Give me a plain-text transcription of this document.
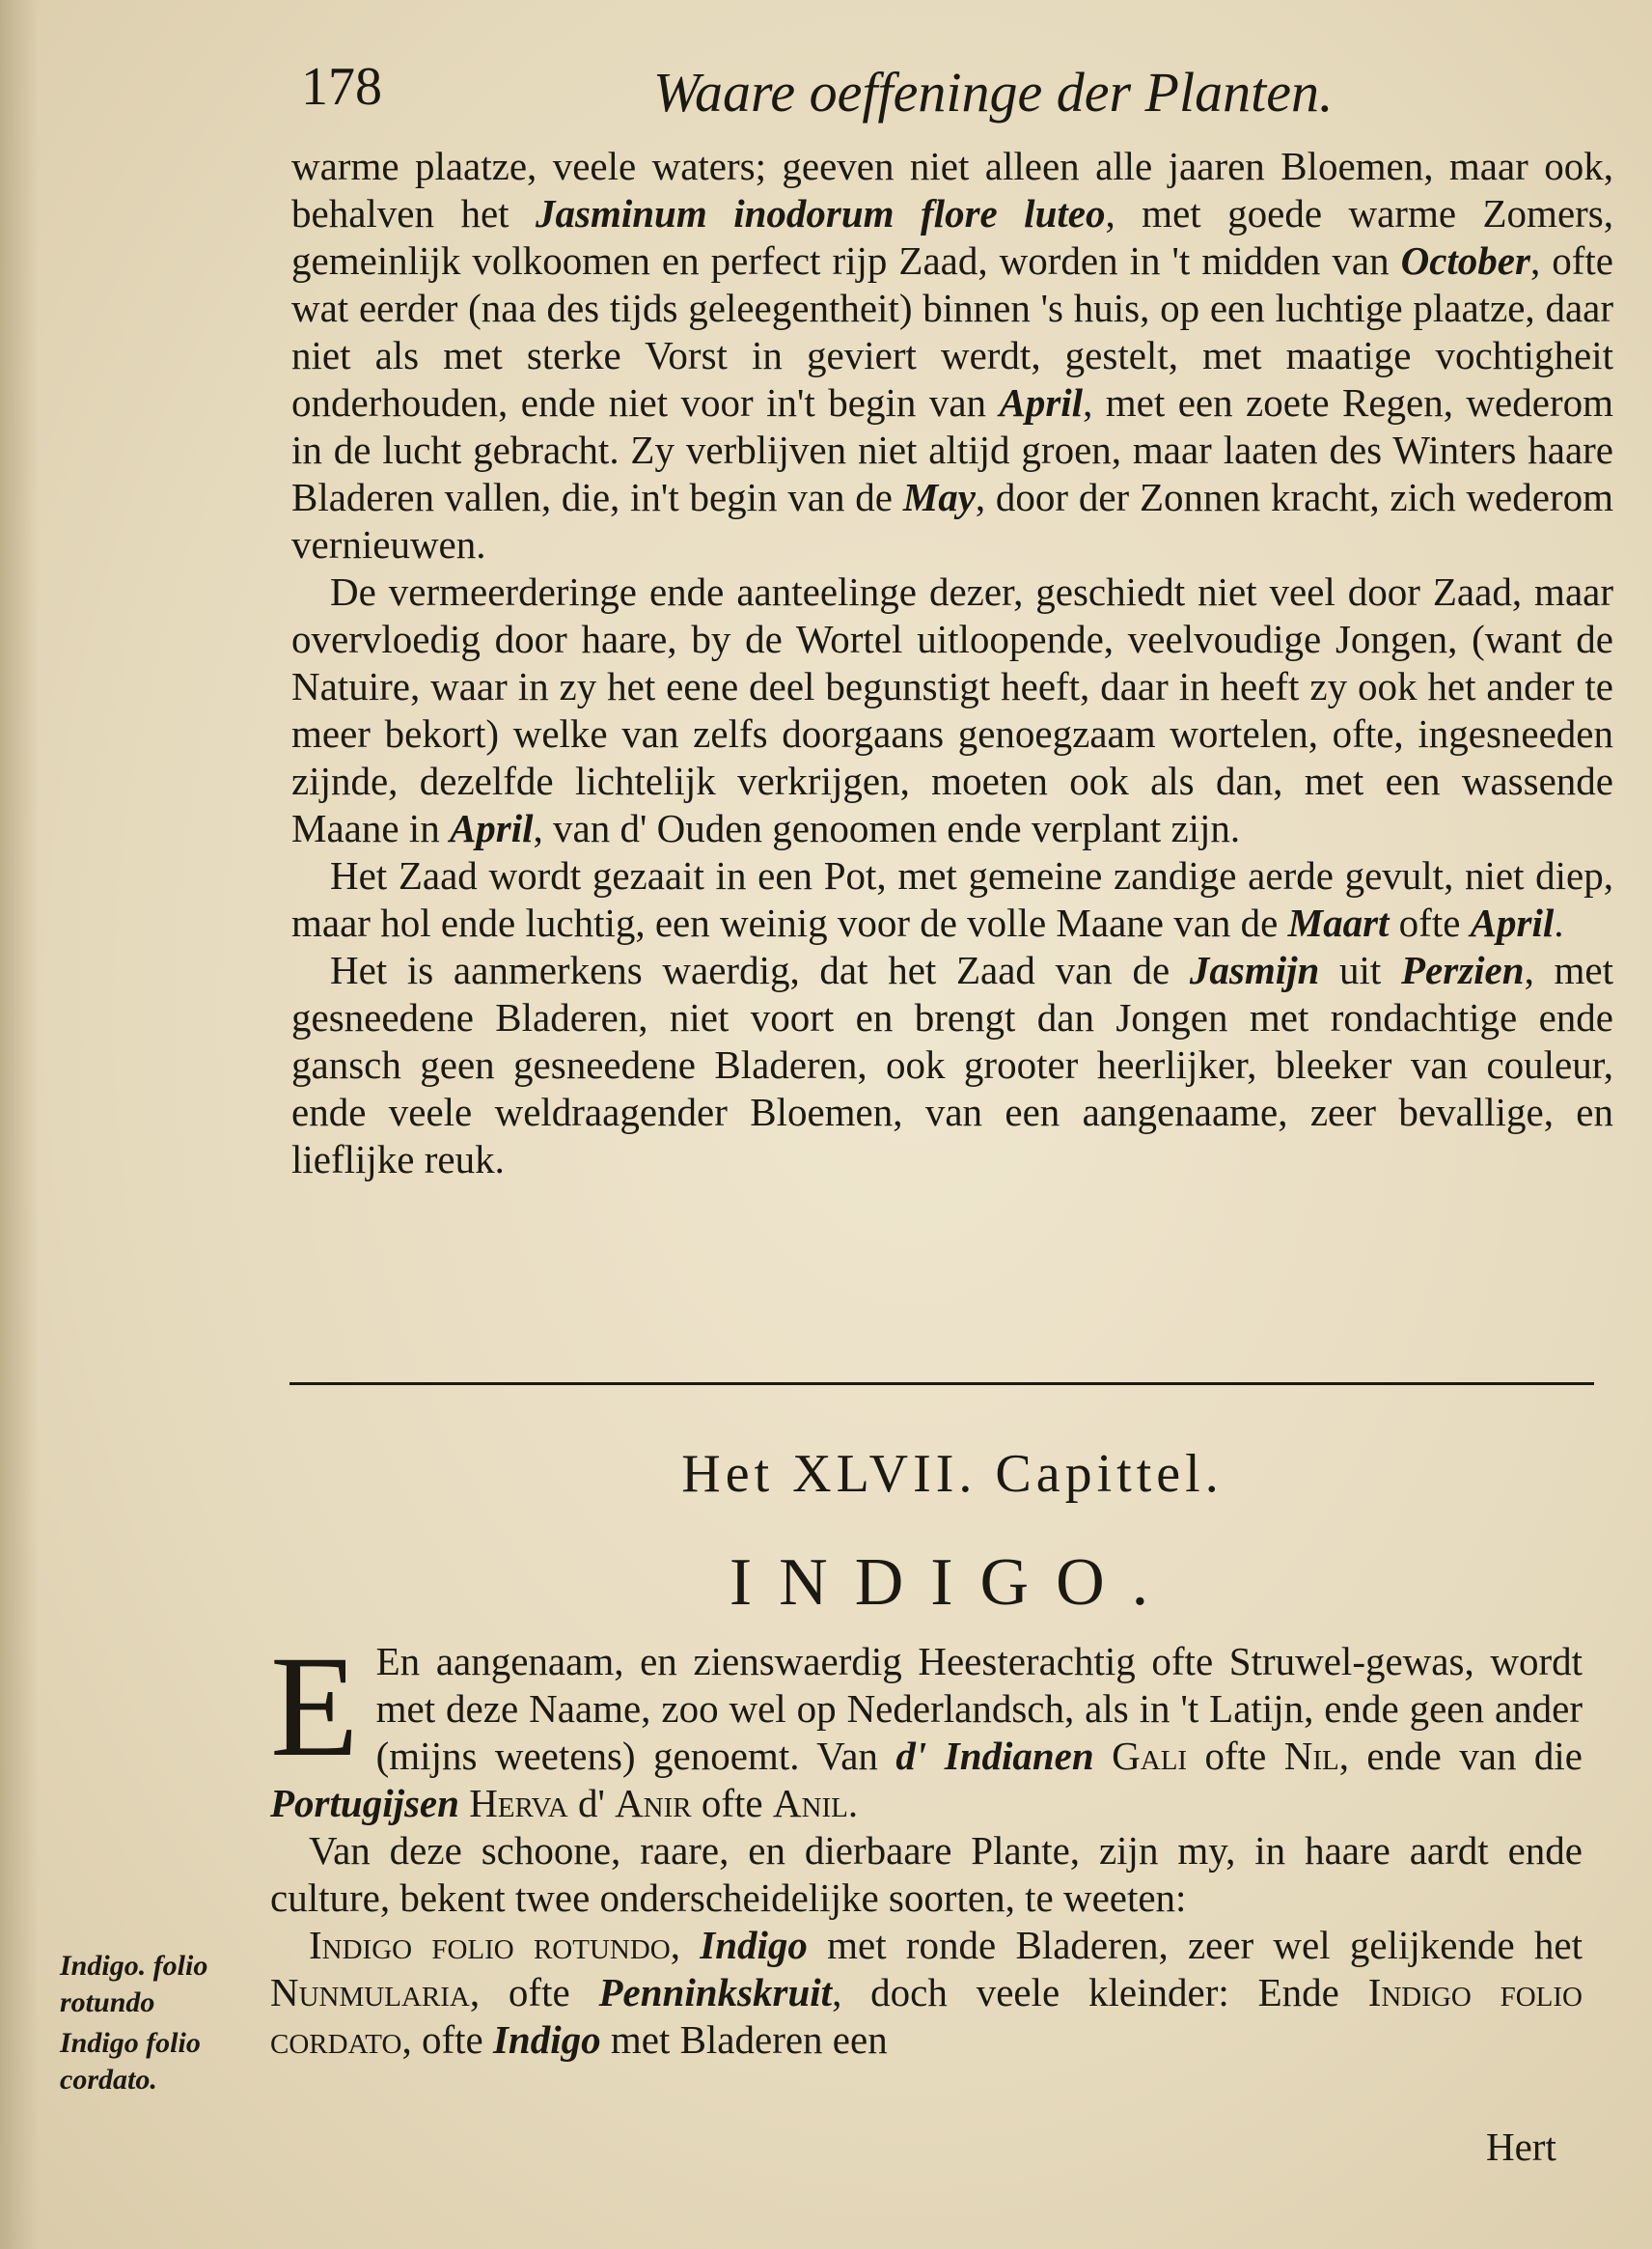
178	Waare oeffeninge der Planten.

warme plaatze, veele waters; geeven niet alleen alle jaaren Bloemen, maar ook, behalven het Jasminum inodorum flore luteo, met goede warme Zomers, gemeinlijk volkoomen en perfect rijp Zaad, worden in 't midden van October, ofte wat eerder (naa des tijds geleegentheit) binnen 's huis, op een luchtige plaatze, daar niet als met sterke Vorst in geviert werdt, gestelt, met maatige vochtigheit onderhouden, ende niet voor in't begin van April, met een zoete Regen, wederom in de lucht gebracht. Zy verblijven niet altijd groen, maar laaten des Winters haare Bladeren vallen, die, in't begin van de May, door der Zonnen kracht, zich wederom vernieuwen.

De vermeerderinge ende aanteelinge dezer, geschiedt niet veel door Zaad, maar overvloedig door haare, by de Wortel uitloopende, veelvoudige Jongen, (want de Natuire, waar in zy het eene deel begunstigt heeft, daar in heeft zy ook het ander te meer bekort) welke van zelfs doorgaans genoegzaam wortelen, ofte, ingesneeden zijnde, dezelfde lichtelijk verkrijgen, moeten ook als dan, met een wassende Maane in April, van d' Ouden genoomen ende verplant zijn.

Het Zaad wordt gezaait in een Pot, met gemeine zandige aerde gevult, niet diep, maar hol ende luchtig, een weinig voor de volle Maane van de Maart ofte April.

Het is aanmerkens waerdig, dat het Zaad van de Jasmijn uit Perzien, met gesneedene Bladeren, niet voort en brengt dan Jongen met rondachtige ende gansch geen gesneedene Bladeren, ook grooter heerlijker, bleeker van couleur, ende veele weldraagender Bloemen, van een aangenaame, zeer bevallige, en lieflijke reuk.

Het XLVII. Capittel.
INDIGO.

E En aangenaam, en zienswaerdig Heesterachtig ofte Struwel-gewas, wordt met deze Naame, zoo wel op Nederlandsch, als in 't Latijn, ende geen ander (mijns weetens) genoemt. Van d' Indianen Gali ofte Nil, ende van die Portugijsen Herva d' Anir ofte Anil.

Van deze schoone, raare, en dierbaare Plante, zijn my, in haare aardt ende culture, bekent twee onderscheidelijke soorten, te weeten:

Indigo folio rotundo, Indigo met ronde Bladeren, zeer wel gelijkende het Nunmularia, ofte Penninkskruit, doch veele kleinder: Ende Indigo folio cordato, ofte Indigo met Bladeren een

Indigo. folio rotundo
Indigo folio cordato.
Hert
